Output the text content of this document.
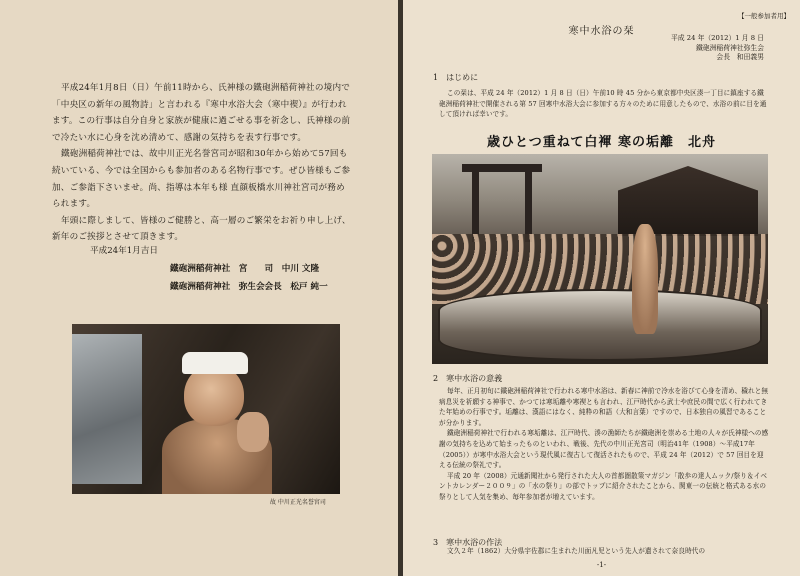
平成24年1月8日（日）午前11時から、氏神様の鐵砲洲稲荷神社の境内で「中央区の新年の風物詩」と言われる『寒中水浴大会（寒中禊）』が行われます。この行事は自分自身と家族が健康に過ごせる事を祈念し、氏神様の前で冷たい水に心身を沈め清めて、感謝の気持ちを表す行事です。

鐵砲洲稲荷神社では、故中川正光名誉宮司が昭和30年から始めて57回も続いている、今では全国からも参加者のある名物行事です。ぜひ皆様もご参加、ご参詣下さいませ。尚、指導は本年も様 直顔板橋水川神社宮司が務められます。

年頭に際しまして、皆様のご健勝と、高一層のご繁栄をお祈り申し上げ、新年のご挨拶とさせて頂きます。

平成24年1月吉日
鐵砲洲稲荷神社　宮　　司　中川 文隆
鐵砲洲稲荷神社　弥生会会長　松戸 純一
故 中川正光名誉宮司
【一般参加者用】
寒中水浴の栞
平成 24 年（2012）1 月 8 日
鐵砲洲稲荷神社弥生会
会長　和田義男
1　はじめに

この栞は、平成 24 年（2012）1 月 8 日（日）午前10 時 45 分から東京都中央区湊一丁目に鎮座する鐵砲洲稲荷神社で開催される第 57 回寒中水浴大会に参加する方々のために用意したもので、水浴の前に目を通して頂ければ幸いです。

歳ひとつ重ねて白褌 寒の垢離　北舟
2　寒中水浴の意義

毎年、正月初旬に鐵砲洲稲荷神社で行われる寒中水浴は、新春に神前で冷水を浴びて心身を清め、穢れと無病息災を祈願する神事で、かつては寒垢離や寒禊とも言われ、江戸時代から武士や庶民の間で広く行われてきた年始めの行事です。垢離は、漢語にはなく、純粋の和語（大和言葉）ですので、日本独自の風習であることが分かります。

鐵砲洲稲荷神社で行われる寒垢離は、江戸時代、湊の漁師たちが鐵砲洲を崇める土地の人々が氏神様への感謝の気持ちを込めて始まったものといわれ、戦後、先代の中川正光宮司（明治41年（1908）〜平成17年（2005））が寒中水浴大会という現代風に復古して復活されたもので、平成 24 年（2012）で 57 回目を迎える伝統の祭礼です。

平成 20 年（2008）元通新聞社から発行された大人の首都圏散策マガジン「散歩の達人ムック/祭り＆イベントカレンダー２００９」の「水の祭り」の部でトップに紹介されたことから、関東一の伝統と格式ある水の祭りとして人気を集め、毎年参加者が増えています。

3　寒中水浴の作法

文久２年（1862）大分県宇佐郡に生まれた川面凡児という先人が遺されて奈良時代の

-1-
